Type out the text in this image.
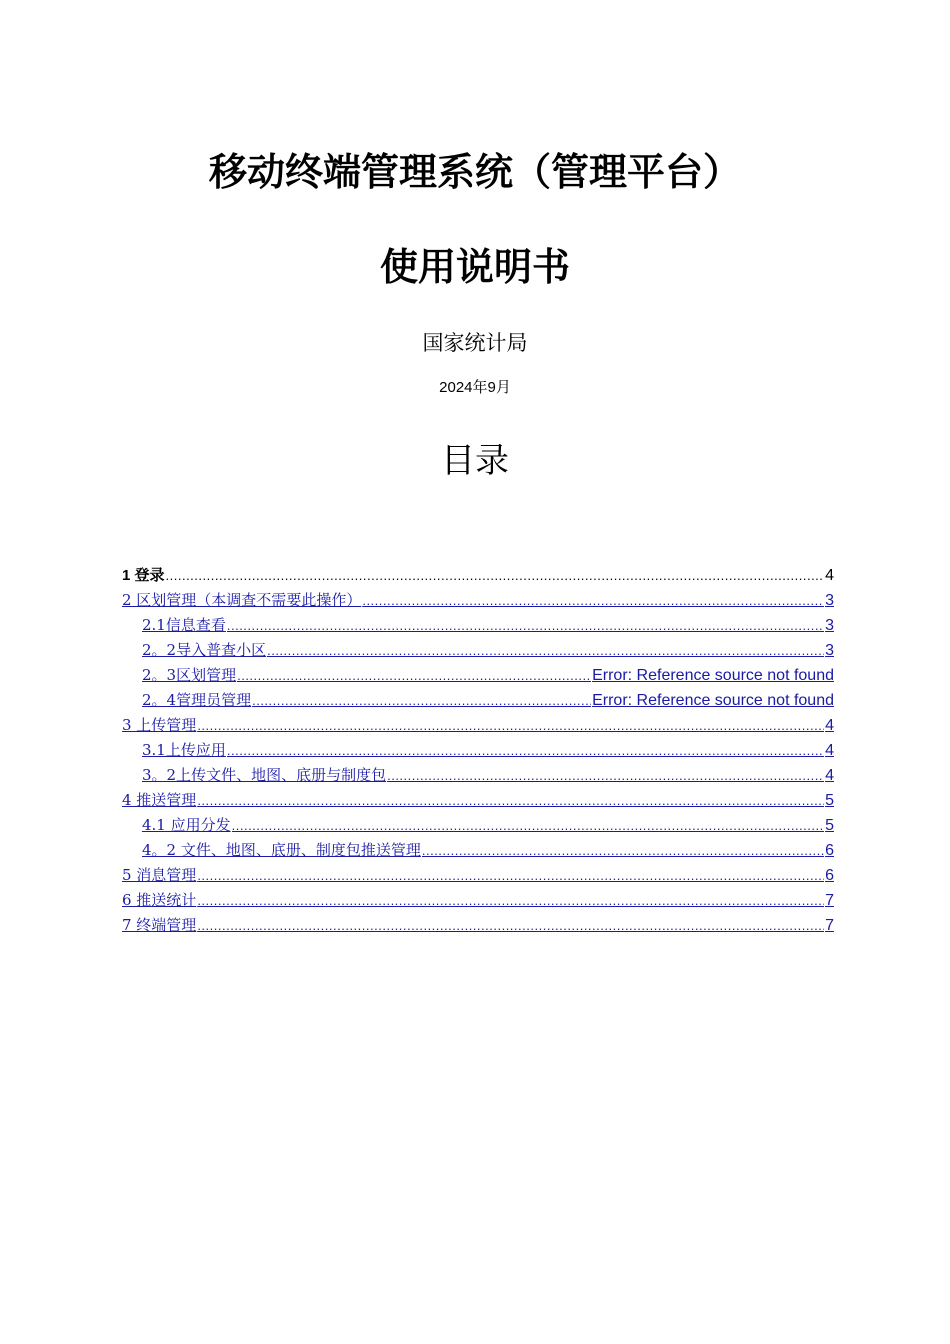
移动终端管理系统（管理平台）
使用说明书
国家统计局
2024年9月
目录
1 登录 .....	4
2 区划管理（本调查不需要此操作） .....	3
2.1信息查看 .....	3
2。2导入普查小区 .....	3
2。3区划管理 .....	Error: Reference source not found
2。4管理员管理 .....	Error: Reference source not found
3 上传管理 .....	4
3.1上传应用 .....	4
3。2上传文件、地图、底册与制度包 .....	4
4 推送管理 .....	5
4.1 应用分发 .....	5
4。2 文件、地图、底册、制度包推送管理 .....	6
5 消息管理 .....	6
6 推送统计 .....	7
7 终端管理 .....	7
